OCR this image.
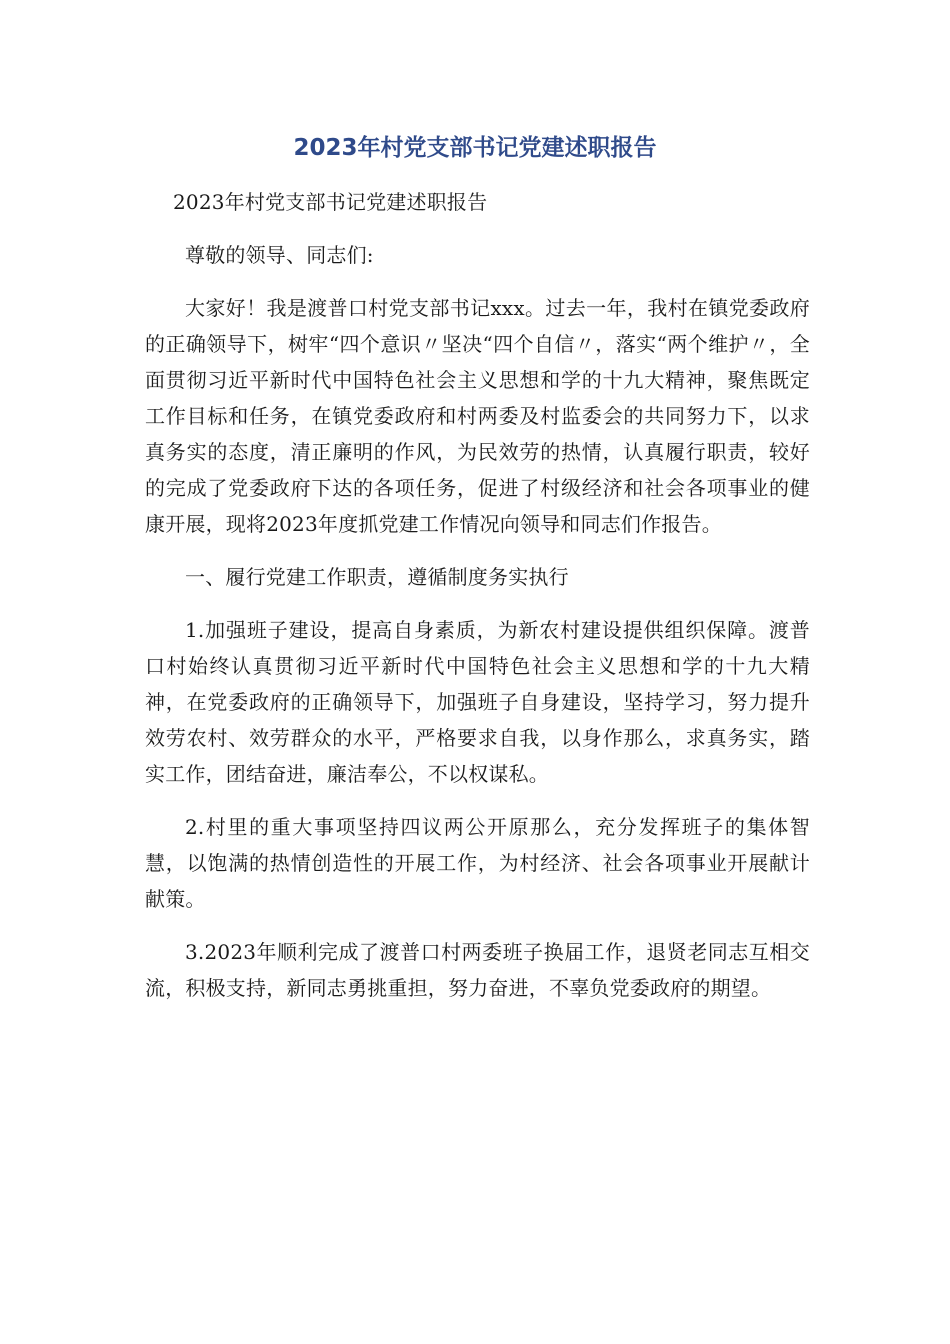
2023年村党支部书记党建述职报告

2023年村党支部书记党建述职报告

尊敬的领导、同志们:

大家好！我是渡普口村党支部书记xxx。过去一年，我村在镇党委政府的正确领导下，树牢“四个意识〃坚决“四个自信〃，落实“两个维护〃，全面贯彻习近平新时代中国特色社会主义思想和学的十九大精神，聚焦既定工作目标和任务，在镇党委政府和村两委及村监委会的共同努力下，以求真务实的态度，清正廉明的作风，为民效劳的热情，认真履行职责，较好的完成了党委政府下达的各项任务，促进了村级经济和社会各项事业的健康开展，现将2023年度抓党建工作情况向领导和同志们作报告。

一、履行党建工作职责，遵循制度务实执行

1.加强班子建设，提高自身素质，为新农村建设提供组织保障。渡普口村始终认真贯彻习近平新时代中国特色社会主义思想和学的十九大精神，在党委政府的正确领导下，加强班子自身建设，坚持学习，努力提升效劳农村、效劳群众的水平，严格要求自我，以身作那么，求真务实，踏实工作，团结奋进，廉洁奉公，不以权谋私。

2.村里的重大事项坚持四议两公开原那么，充分发挥班子的集体智慧，以饱满的热情创造性的开展工作，为村经济、社会各项事业开展献计献策。

3.2023年顺利完成了渡普口村两委班子换届工作，退贤老同志互相交流，积极支持，新同志勇挑重担，努力奋进，不辜负党委政府的期望。
